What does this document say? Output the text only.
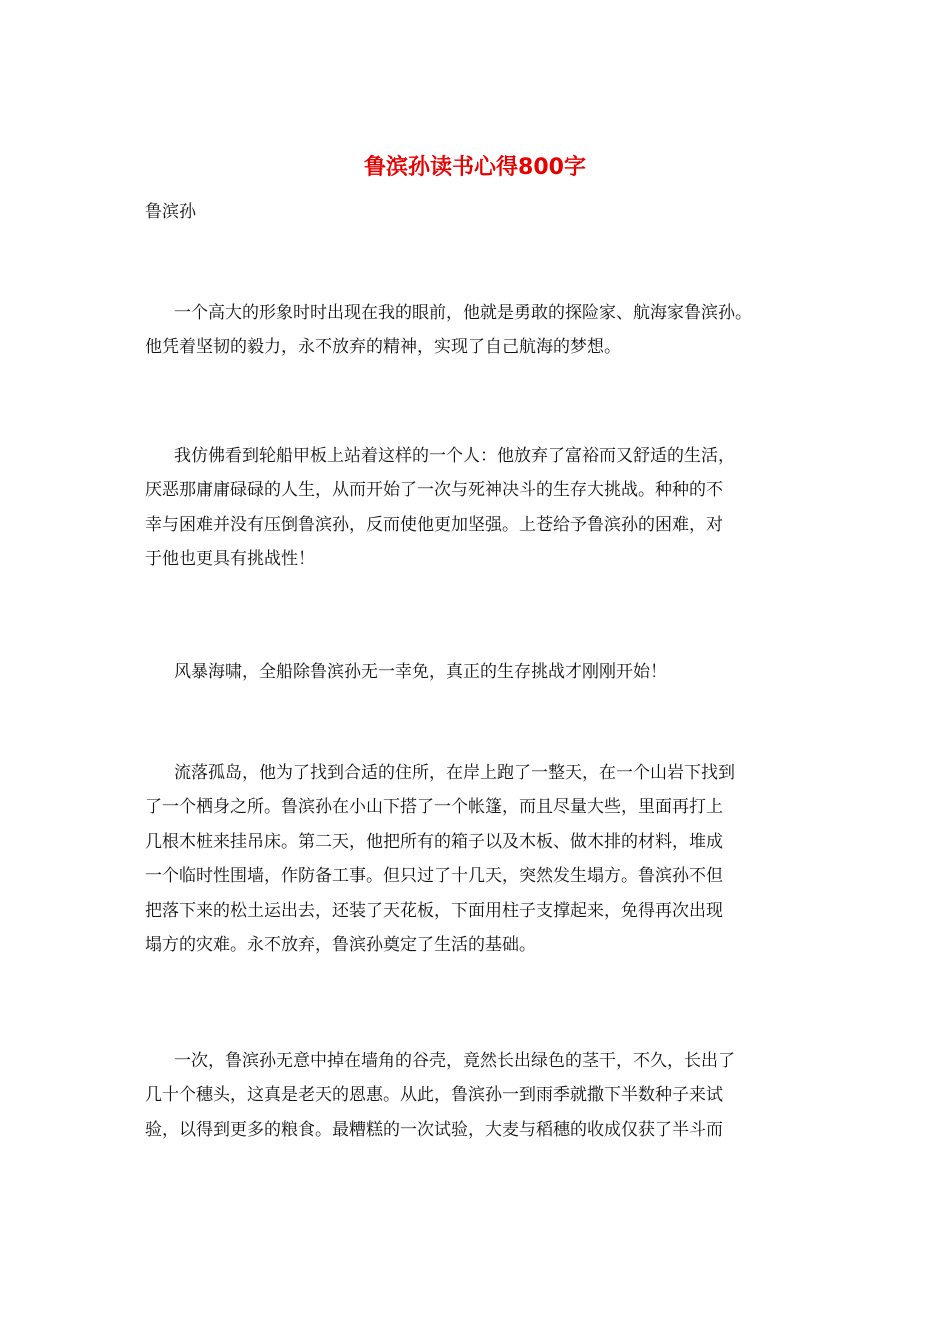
鲁滨孙读书心得800字

鲁滨孙

一个高大的形象时时出现在我的眼前，他就是勇敢的探险家、航海家鲁滨孙。
他凭着坚韧的毅力，永不放弃的精神，实现了自己航海的梦想。

我仿佛看到轮船甲板上站着这样的一个人：他放弃了富裕而又舒适的生活，
厌恶那庸庸碌碌的人生，从而开始了一次与死神决斗的生存大挑战。种种的不
幸与困难并没有压倒鲁滨孙，反而使他更加坚强。上苍给予鲁滨孙的困难，对
于他也更具有挑战性！

风暴海啸，全船除鲁滨孙无一幸免，真正的生存挑战才刚刚开始！

流落孤岛，他为了找到合适的住所，在岸上跑了一整天，在一个山岩下找到
了一个栖身之所。鲁滨孙在小山下搭了一个帐篷，而且尽量大些，里面再打上
几根木桩来挂吊床。第二天，他把所有的箱子以及木板、做木排的材料，堆成
一个临时性围墙，作防备工事。但只过了十几天，突然发生塌方。鲁滨孙不但
把落下来的松土运出去，还装了天花板，下面用柱子支撑起来，免得再次出现
塌方的灾难。永不放弃，鲁滨孙奠定了生活的基础。

一次，鲁滨孙无意中掉在墙角的谷壳，竟然长出绿色的茎干，不久，长出了
几十个穗头，这真是老天的恩惠。从此，鲁滨孙一到雨季就撒下半数种子来试
验，以得到更多的粮食。最糟糕的一次试验，大麦与稻穗的收成仅获了半斗而
